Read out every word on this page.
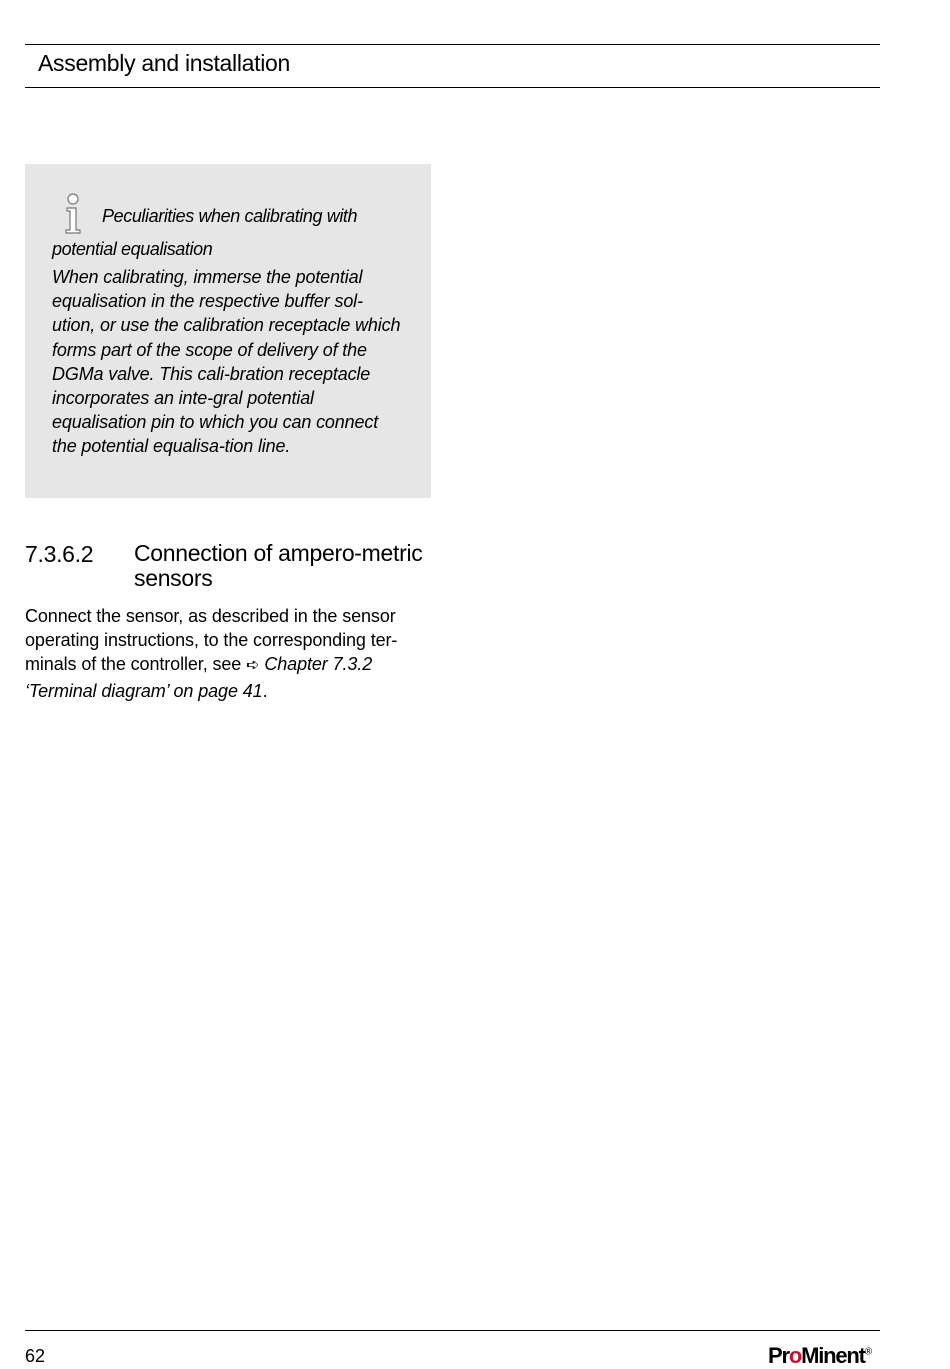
Assembly and installation
Peculiarities when calibrating with potential equalisation
When calibrating, immerse the potential equalisation in the respective buffer sol-ution, or use the calibration receptacle which forms part of the scope of delivery of the DGMa valve. This cali-bration receptacle incorporates an inte-gral potential equalisation pin to which you can connect the potential equalisa-tion line.
7.3.6.2 Connection of ampero-metric sensors
Connect the sensor, as described in the sensor operating instructions, to the corresponding ter-minals of the controller, see ➪ Chapter 7.3.2 ‘Terminal diagram’ on page 41.
62	ProMinent®
